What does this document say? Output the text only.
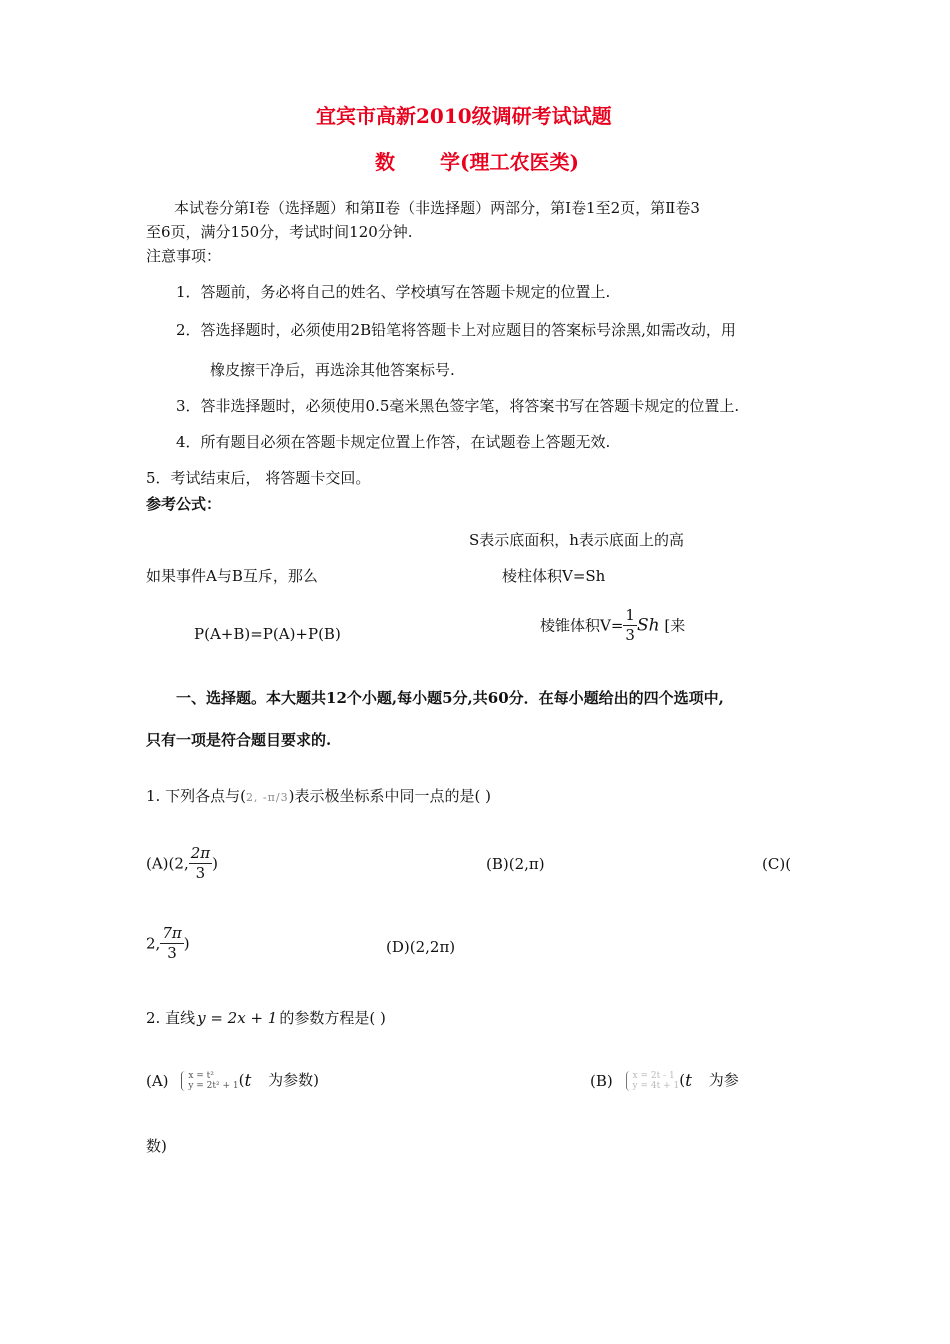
宜宾市高新2010级调研考试试题
数 学(理工农医类)
本试卷分第Ⅰ卷（选择题）和第Ⅱ卷（非选择题）两部分，第Ⅰ卷1至2页，第Ⅱ卷3
至6页，满分150分，考试时间120分钟.
注意事项：
1．答题前，务必将自己的姓名、学校填写在答题卡规定的位置上.
2．答选择题时，必须使用2B铅笔将答题卡上对应题目的答案标号涂黑,如需改动，用
橡皮擦干净后，再选涂其他答案标号.
3．答非选择题时，必须使用0.5毫米黑色签字笔，将答案书写在答题卡规定的位置上.
4．所有题目必须在答题卡规定位置上作答，在试题卷上答题无效.
5．考试结束后， 将答题卡交回。
参考公式：
S表示底面积，h表示底面上的高
如果事件A与B互斥，那么	棱柱体积V=Sh
P(A+B)=P(A)+P(B)	棱锥体积$V= \frac{1}{3}$ Sh [来
一、选择题。本大题共12个小题,每小题5分,共60分．在每小题给出的四个选项中,
只有一项是符合题目要求的.
1. 下列各点与(2, -π/3)表示极坐标系中同一点的是( )
(A)(2, $\frac{2\pi}{3}$ )	(B)(2,π)	(C)(
2, $\frac{7\pi}{3}$ )	(D)(2,2π)
2. 直线 y = 2x + 1 的参数方程是( )
(A) x = t²
y = 2t² + 1(t 为参数)	(B) x = 2t - 1
y = 4t + 1(t 为参
数)
